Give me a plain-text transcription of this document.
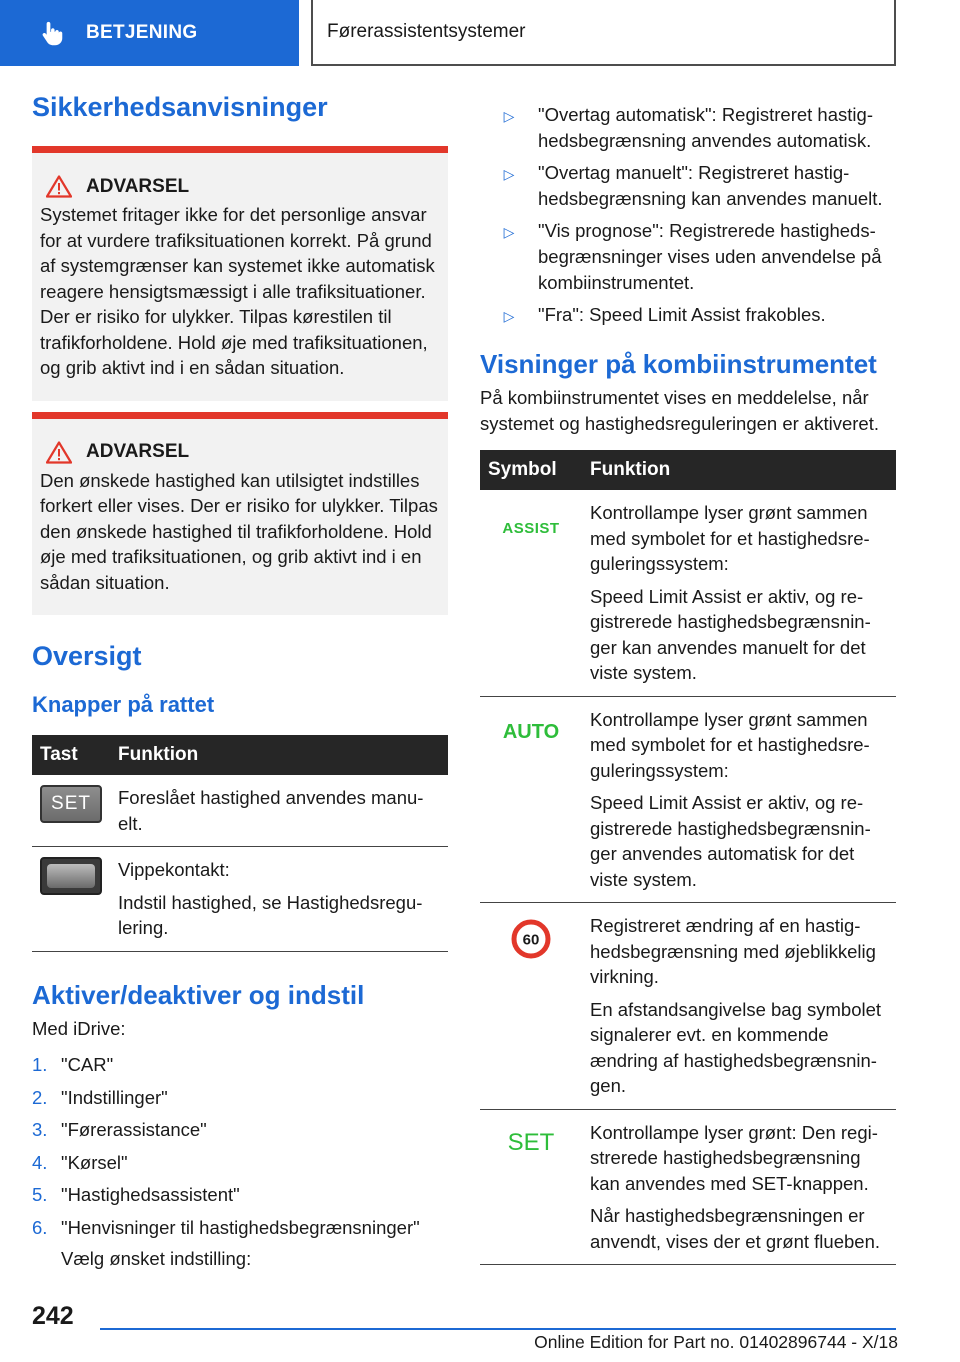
BETJENING	Førerassistentsystemer
Sikkerhedsanvisninger
ADVARSEL

Systemet fritager ikke for det personlige ansvar for at vurdere trafiksituationen korrekt. På grund af systemgrænser kan systemet ikke automatisk reagere hensigtsmæssigt i alle trafiksituationer. Der er risiko for ulykker. Tilpas kørestilen til trafikforholdene. Hold øje med trafiksituationen, og grib aktivt ind i en sådan situation.

ADVARSEL

Den ønskede hastighed kan utilsigtet indstilles forkert eller vises. Der er risiko for ulykker. Tilpas den ønskede hastighed til trafikforholdene. Hold øje med trafiksituationen, og grib aktivt ind i en sådan situation.

Oversigt
Knapper på rattet
Tast	Funktion

SET	Foreslået hastighed anvendes manuelt.

	Vippekontakt:

Indstil hastighed, se Hastighedsregulering.

Aktiver/deaktiver og indstil

Med iDrive:

1. "CAR"
2. "Indstillinger"
3. "Førerassistance"
4. "Kørsel"
5. "Hastighedsassistent"
6. "Henvisninger til hastighedsbegrænsninger"

Vælg ønsket indstilling:

▷	"Overtag automatisk": Registreret hastighedsbegrænsning anvendes automatisk.
▷	"Overtag manuelt": Registreret hastighedsbegrænsning kan anvendes manuelt.
▷	"Vis prognose": Registrerede hastighedsbegrænsninger vises uden anvendelse på kombiinstrumentet.
▷	"Fra": Speed Limit Assist frakobles.
Visninger på kombiinstrumentet

På kombiinstrumentet vises en meddelelse, når systemet og hastighedsreguleringen er aktiveret.

Symbol	Funktion
ASSIST	Kontrollampe lyser grønt sammen med symbolet for et hastighedsreguleringssystem:

Speed Limit Assist er aktiv, og registrerede hastighedsbegrænsninger kan anvendes manuelt for det viste system.

AUTO	Kontrollampe lyser grønt sammen med symbolet for et hastighedsreguleringssystem:

Speed Limit Assist er aktiv, og registrerede hastighedsbegrænsninger anvendes automatisk for det viste system.

60	Registreret ændring af en hastighedsbegrænsning med øjeblikkelig virkning.

En afstandsangivelse bag symbolet signalerer evt. en kommende ændring af hastighedsbegrænsningen.

SET	Kontrollampe lyser grønt: Den registrerede hastighedsbegrænsning kan anvendes med SET-knappen.

Når hastighedsbegrænsningen er anvendt, vises der et grønt flueben.

242
Online Edition for Part no. 01402896744 - X/18
